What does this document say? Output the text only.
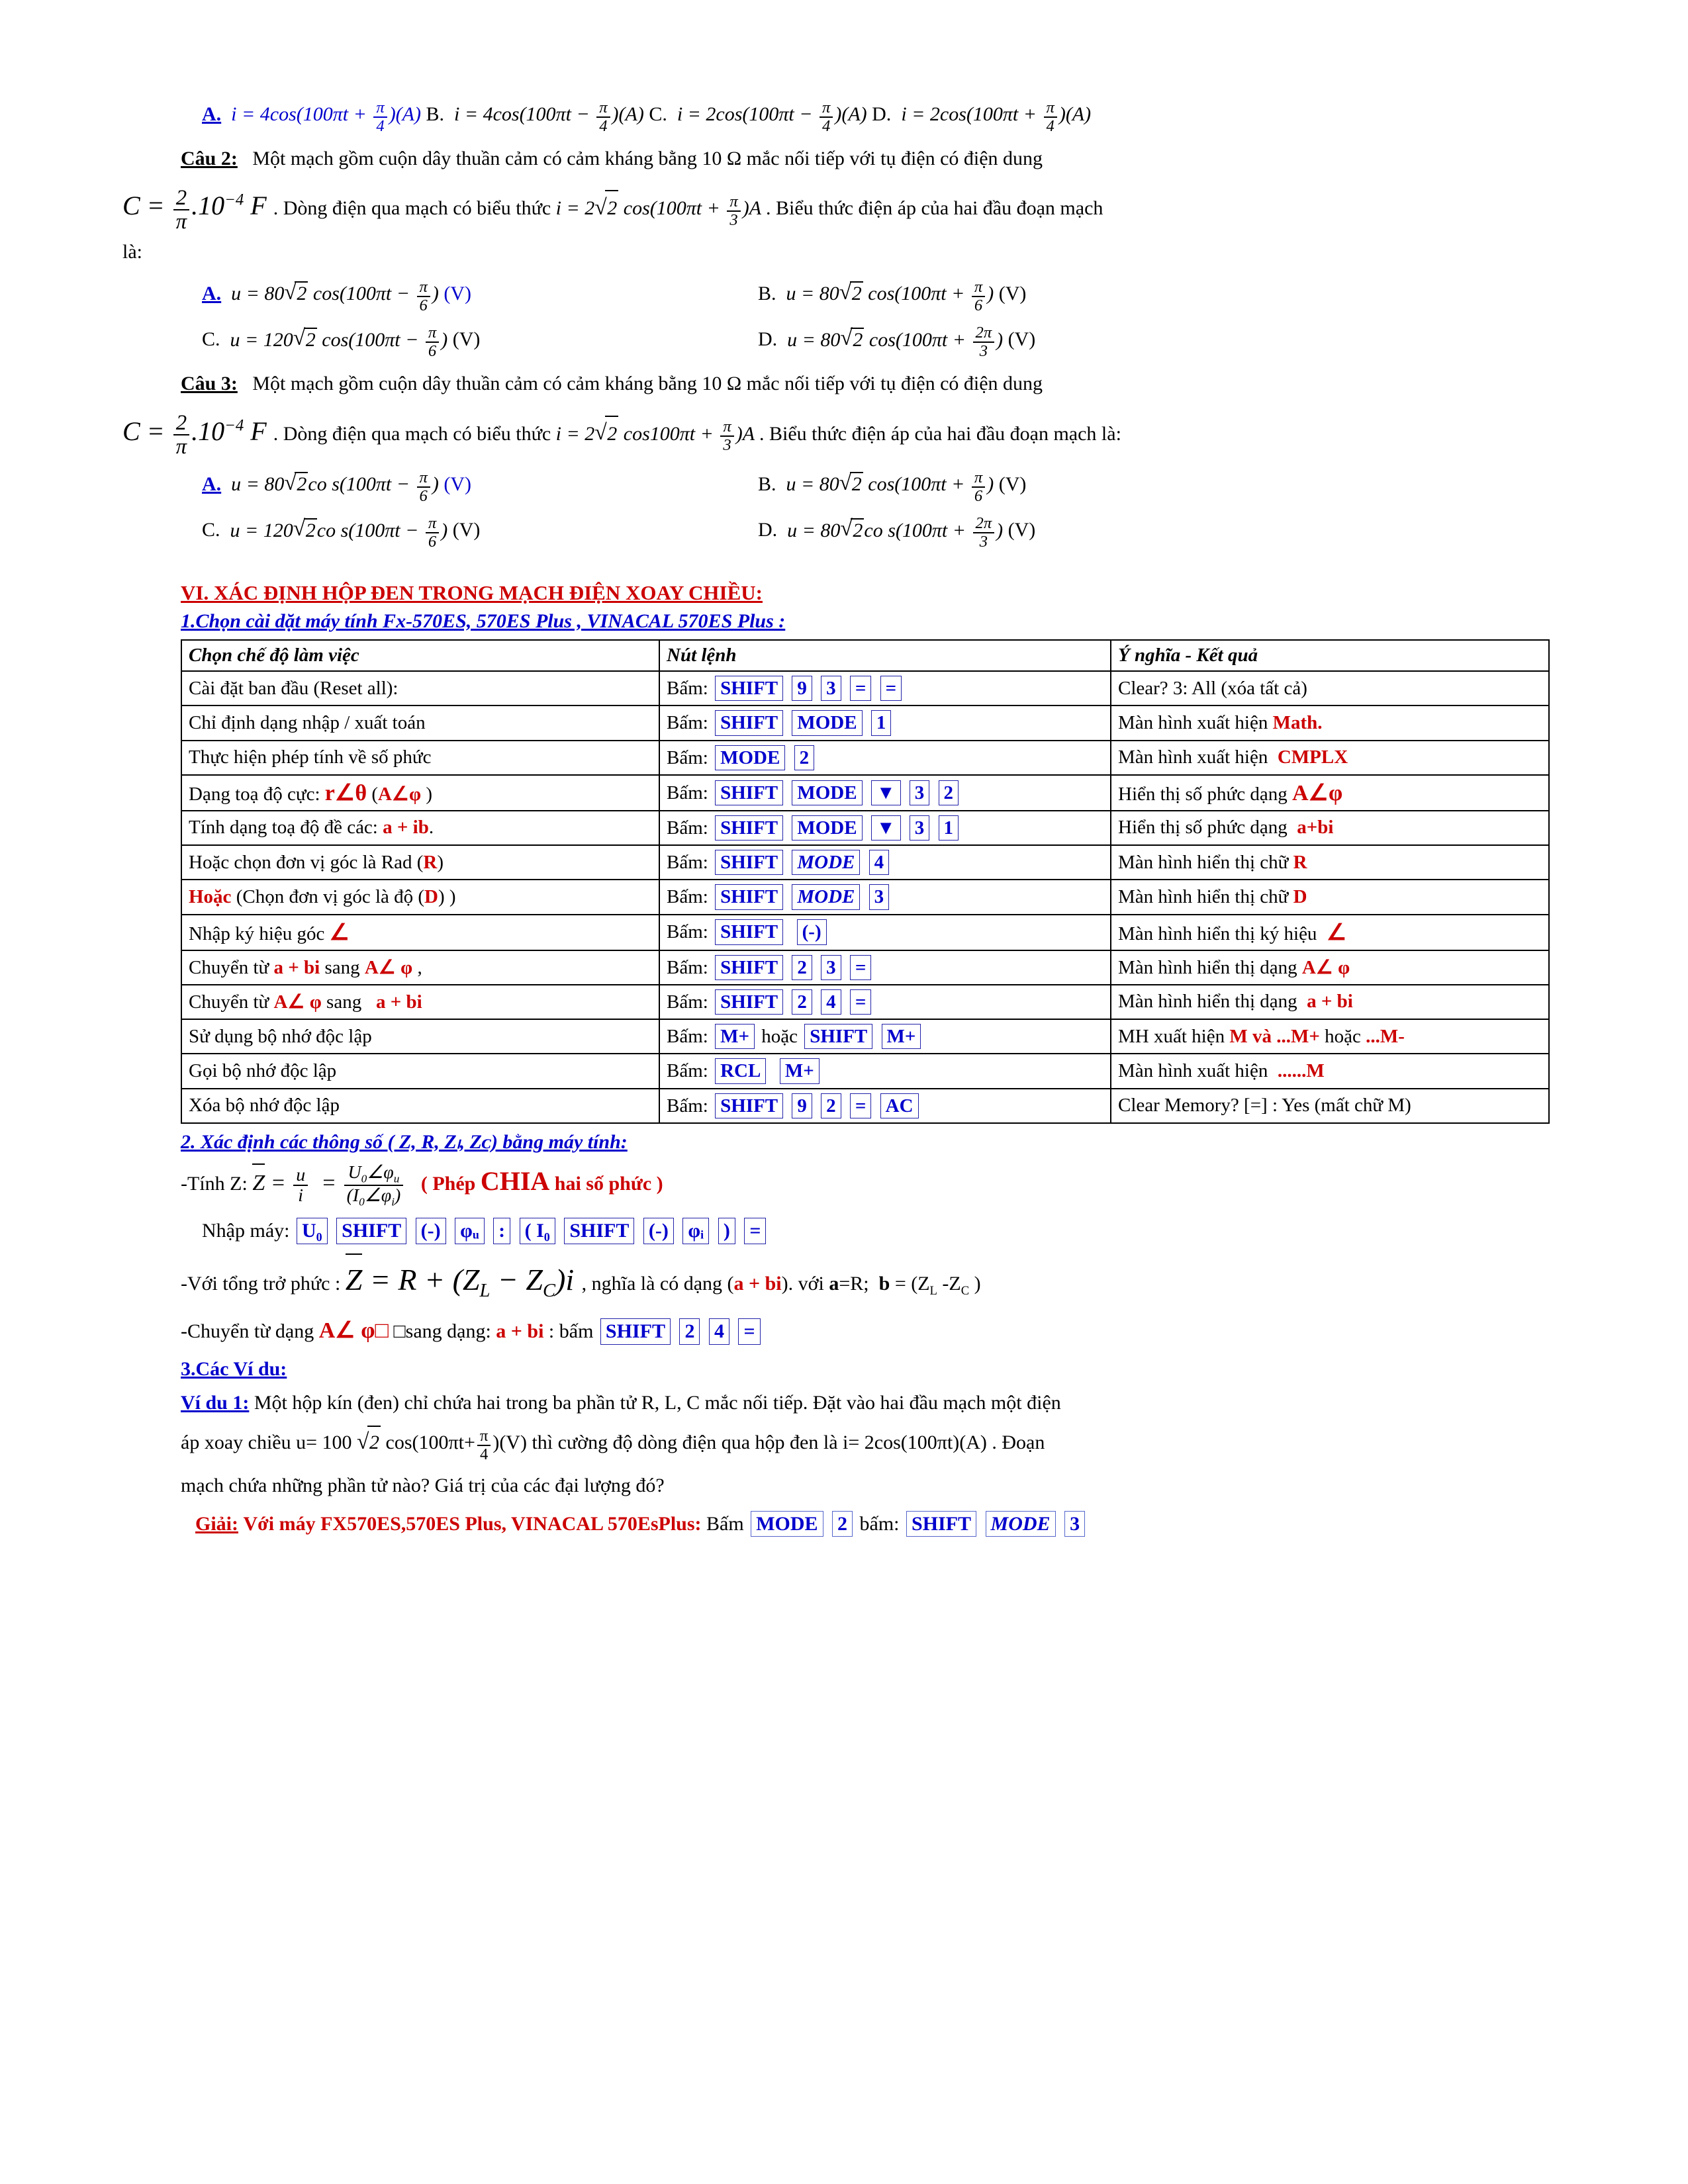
A.  $i = 4\cos(100\pi t + \frac{\pi}{4} )(A)$ B.  $i = 4\cos(100\pi t - \frac{\pi}{4} )(A)$ C.  $i = 2\cos(100\pi t - \frac{\pi}{4} )(A)$ D.  $i = 2\cos(100\pi t + \frac{\pi}{4} )(A)$
Câu 2: Một mạch gồm cuộn dây thuần cảm có cảm kháng bằng 10 Ω mắc nối tiếp với tụ điện có điện dung
$C = \frac{2}{\pi} .10^{-4}$ F . Dòng điện qua mạch có biểu thức i = 2 √ 2 $\cos(100\pi t + \frac{\pi}{3} )A$ . Biểu thức điện áp của hai đầu đoạn mạch
là:
A.  u = 80 √ 2 $\cos(100\pi t - \frac{\pi}{6}$ ) (V)	B.  u = 80 √ 2 $\cos(100\pi t + \frac{\pi}{6}$ ) (V)
C.  u = 120 √ 2 $\cos(100\pi t - \frac{\pi}{6}$ ) (V)	D.  u = 80 √ 2 $\cos(100\pi t + \frac{2\pi}{3}$ ) (V)
Câu 3: Một mạch gồm cuộn dây thuần cảm có cảm kháng bằng 10 Ω mắc nối tiếp với tụ điện có điện dung
$C = \frac{2}{\pi} .10^{-4}$ F . Dòng điện qua mạch có biểu thức i = 2 √ 2 $\cos 100\pi t + \frac{\pi}{3} )A$ . Biểu thức điện áp của hai đầu đoạn mạch là:
A.  u = 80 √ 2co $s(100\pi t - \frac{\pi}{6}$ ) (V)	B.  u = 80 √ 2 $\cos(100\pi t + \frac{\pi}{6}$ ) (V)
C.  u = 120 √ 2co $s(100\pi t - \frac{\pi}{6}$ ) (V)	D.  u = 80 √ 2co $s(100\pi t + \frac{2\pi}{3}$ ) (V)
VI. XÁC ĐỊNH HỘP ĐEN TRONG MẠCH ĐIỆN XOAY CHIỀU:
1.Chọn cài dặt máy tính Fx-570ES, 570ES Plus , VINACAL 570ES Plus :
Chọn chế độ làm việc	Nút lệnh	Ý nghĩa - Kết quả
Cài đặt ban đầu (Reset all):	Bấm: SHIFT 9 3 = =	Clear? 3: All (xóa tất cả)
Chỉ định dạng nhập / xuất toán	Bấm: SHIFT MODE 1	Màn hình xuất hiện Math.
Thực hiện phép tính về số phức	Bấm: MODE 2	Màn hình xuất hiện  CMPLX
Dạng toạ độ cực: r∠θ (A∠φ )	Bấm: SHIFT MODE ▼ 3 2	Hiển thị số phức dạng A∠φ
Tính dạng toạ độ đề các: a + ib.	Bấm: SHIFT MODE ▼ 3 1	Hiển thị số phức dạng  a+bi
Hoặc chọn đơn vị góc là Rad (R)	Bấm: SHIFT MODE 4	Màn hình hiển thị chữ R
Hoặc (Chọn đơn vị góc là độ (D) )	Bấm: SHIFT MODE 3	Màn hình hiển thị chữ D
Nhập ký hiệu góc ∠	Bấm: SHIFT (-)	Màn hình hiển thị ký hiệu  ∠
Chuyển từ a + bi sang A∠ φ ,	Bấm: SHIFT 2 3 =	Màn hình hiển thị dạng A∠ φ
Chuyển từ A∠ φ sang   a + bi	Bấm: SHIFT 2 4 =	Màn hình hiển thị dạng  a + bi
Sử dụng bộ nhớ độc lập	Bấm: M+ hoặc SHIFT M+	MH xuất hiện M và ...M+ hoặc ...M-
Gọi bộ nhớ độc lập	Bấm: RCL M+	Màn hình xuất hiện  ......M
Xóa bộ nhớ độc lập	Bấm: SHIFT 9 2 = AC	Clear Memory? [=] : Yes (mất chữ M)
2. Xác định các thông số ( Z, R, Zₗ, Zᴄ) bằng máy tính:
-Tính Z: $Z = \frac{u}{i} = \frac{U_0\angle\varphi_u}{(I_0\angle\varphi_i)}$ ( Phép CHIA hai số phức )
Nhập máy: U₀ SHIFT (-) φᵤ : ( I₀ SHIFT (-) φᵢ ) =
-Với tổng trở phức : $Z = R + (Z_L - Z_C)i$ , nghĩa là có dạng (a + bi). với a=R;  $b = (Z_L$ $-Z_C$ )
-Chuyển từ dạng A∠ φ□ □sang dạng: a + bi : bấm SHIFT 2 4 =
3.Các Ví du:
Ví du 1: Một hộp kín (đen) chỉ chứa hai trong ba phần tử R, L, C mắc nối tiếp. Đặt vào hai đầu mạch một điện
áp xoay chiều u= 100 √ 2 $\cos(100\pi t+ \frac{\pi}{4} )(V)$ thì cường độ dòng điện qua hộp đen là i= 2cos(100πt)(A) . Đoạn
mạch chứa những phần tử nào? Giá trị của các đại lượng đó?
Giải: Với máy FX570ES,570ES Plus, VINACAL 570EsPlus: Bấm MODE 2 bấm: SHIFT MODE 3
